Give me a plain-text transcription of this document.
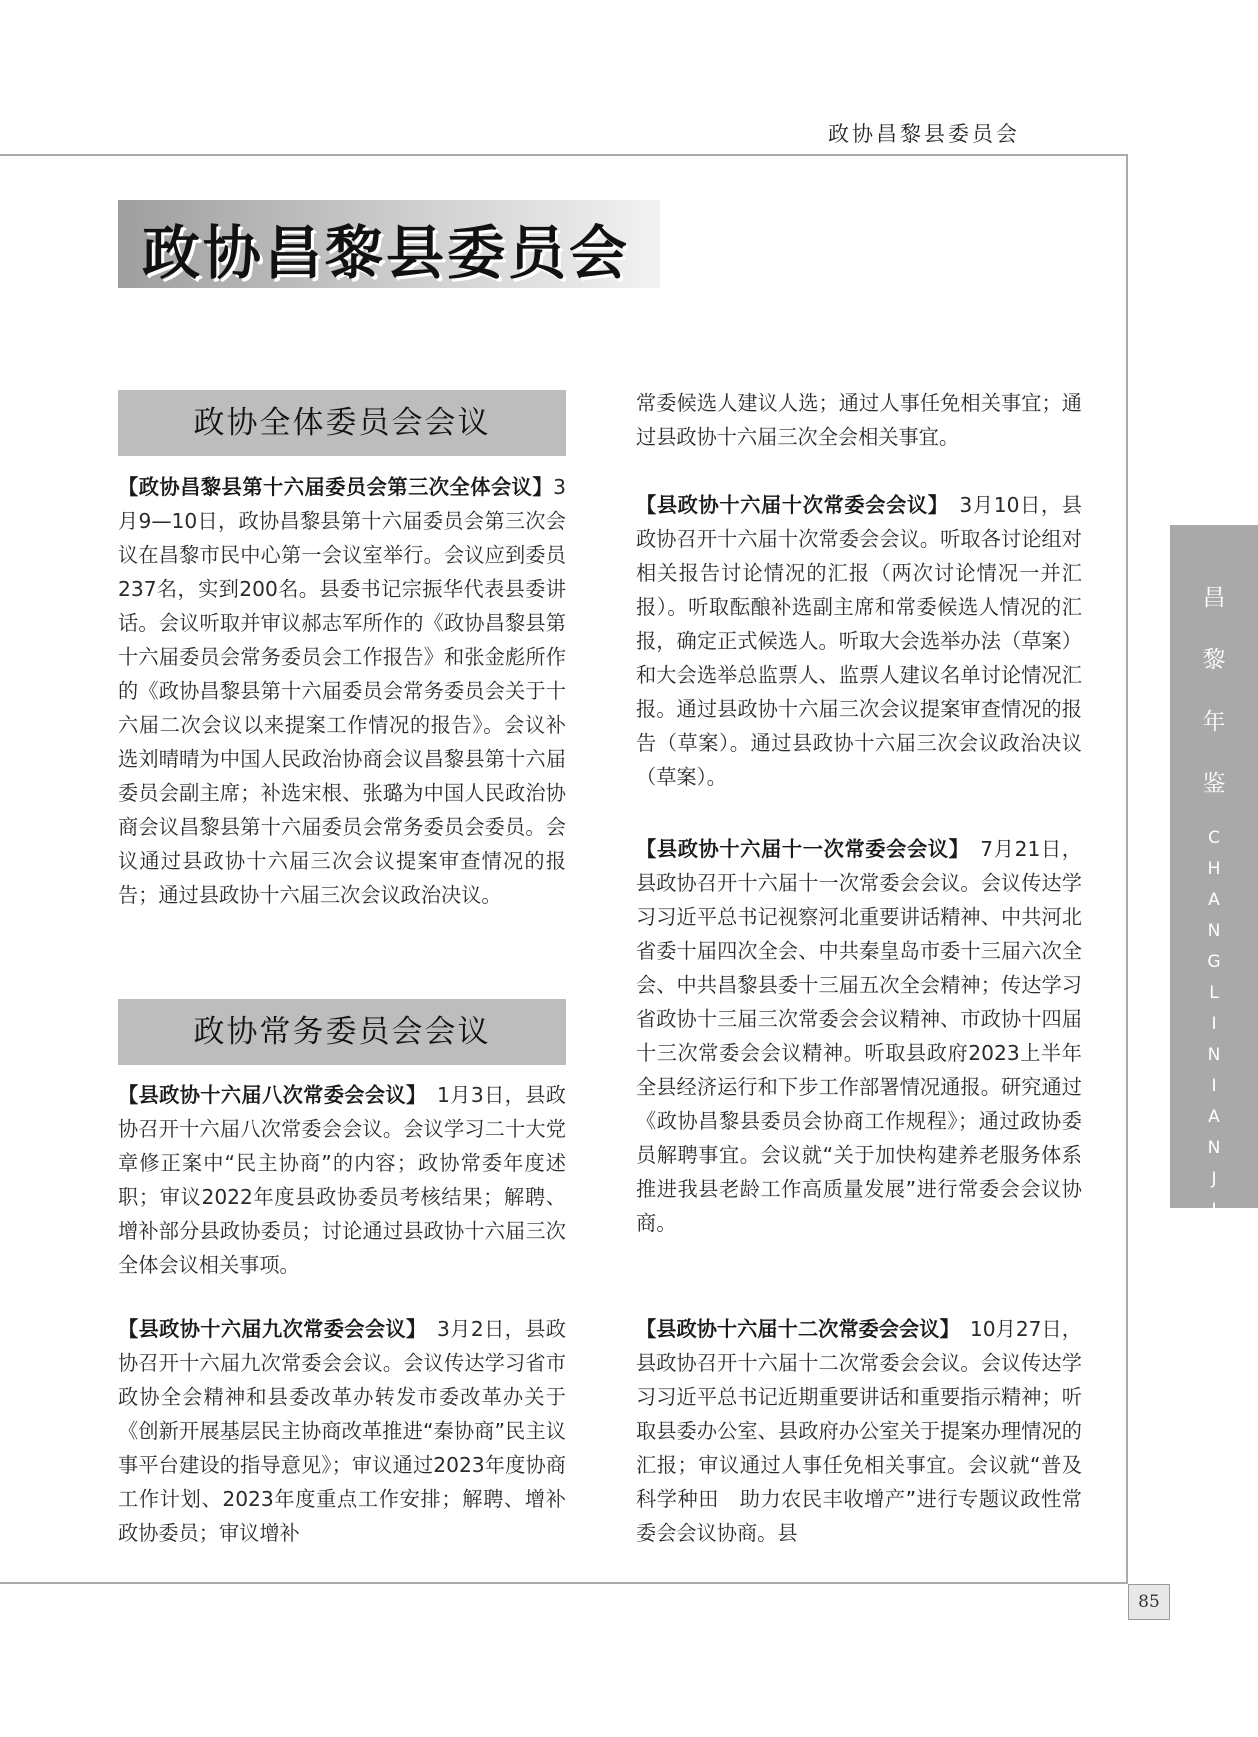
政协昌黎县委员会
85
昌
黎
年
鉴
C
H
A
N
G
L
I
N
I
A
N
J
I
A
N
政协昌黎县委员会
政协全体委员会会议
政协常务委员会会议

【政协昌黎县第十六届委员会第三次全体会议】3月9—10日，政协昌黎县第十六届委员会第三次会议在昌黎市民中心第一会议室举行。会议应到委员237名，实到200名。县委书记宗振华代表县委讲话。会议听取并审议郝志军所作的《政协昌黎县第十六届委员会常务委员会工作报告》和张金彪所作的《政协昌黎县第十六届委员会常务委员会关于十六届二次会议以来提案工作情况的报告》。会议补选刘晴晴为中国人民政治协商会议昌黎县第十六届委员会副主席；补选宋根、张璐为中国人民政治协商会议昌黎县第十六届委员会常务委员会委员。会议通过县政协十六届三次会议提案审查情况的报告；通过县政协十六届三次会议政治决议。

【县政协十六届八次常委会会议】　 1月3日，县政协召开十六届八次常委会会议。会议学习二十大党章修正案中“民主协商”的内容；政协常委年度述职；审议2022年度县政协委员考核结果；解聘、增补部分县政协委员；讨论通过县政协十六届三次全体会议相关事项。

【县政协十六届九次常委会会议】　 3月2日，县政协召开十六届九次常委会会议。会议传达学习省市政协全会精神和县委改革办转发市委改革办关于《创新开展基层民主协商改革推进“秦协商”民主议事平台建设的指导意见》；审议通过2023年度协商工作计划、2023年度重点工作安排；解聘、增补政协委员；审议增补

常委候选人建议人选；通过人事任免相关事宜；通过县政协十六届三次全会相关事宜。

【县政协十六届十次常委会会议】　 3月10日，县政协召开十六届十次常委会会议。听取各讨论组对相关报告讨论情况的汇报（两次讨论情况一并汇报）。听取酝酿补选副主席和常委候选人情况的汇报，确定正式候选人。听取大会选举办法（草案）和大会选举总监票人、监票人建议名单讨论情况汇报。通过县政协十六届三次会议提案审查情况的报告（草案）。通过县政协十六届三次会议政治决议（草案）。

【县政协十六届十一次常委会会议】　 7月21日，县政协召开十六届十一次常委会会议。会议传达学习习近平总书记视察河北重要讲话精神、中共河北省委十届四次全会、中共秦皇岛市委十三届六次全会、中共昌黎县委十三届五次全会精神；传达学习省政协十三届三次常委会会议精神、市政协十四届十三次常委会会议精神。听取县政府2023上半年全县经济运行和下步工作部署情况通报。研究通过《政协昌黎县委员会协商工作规程》；通过政协委员解聘事宜。会议就“关于加快构建养老服务体系推进我县老龄工作高质量发展”进行常委会会议协商。

【县政协十六届十二次常委会会议】　 10月27日，县政协召开十六届十二次常委会会议。会议传达学习习近平总书记近期重要讲话和重要指示精神；听取县委办公室、县政府办公室关于提案办理情况的汇报；审议通过人事任免相关事宜。会议就“普及科学种田　助力农民丰收增产”进行专题议政性常委会会议协商。县
